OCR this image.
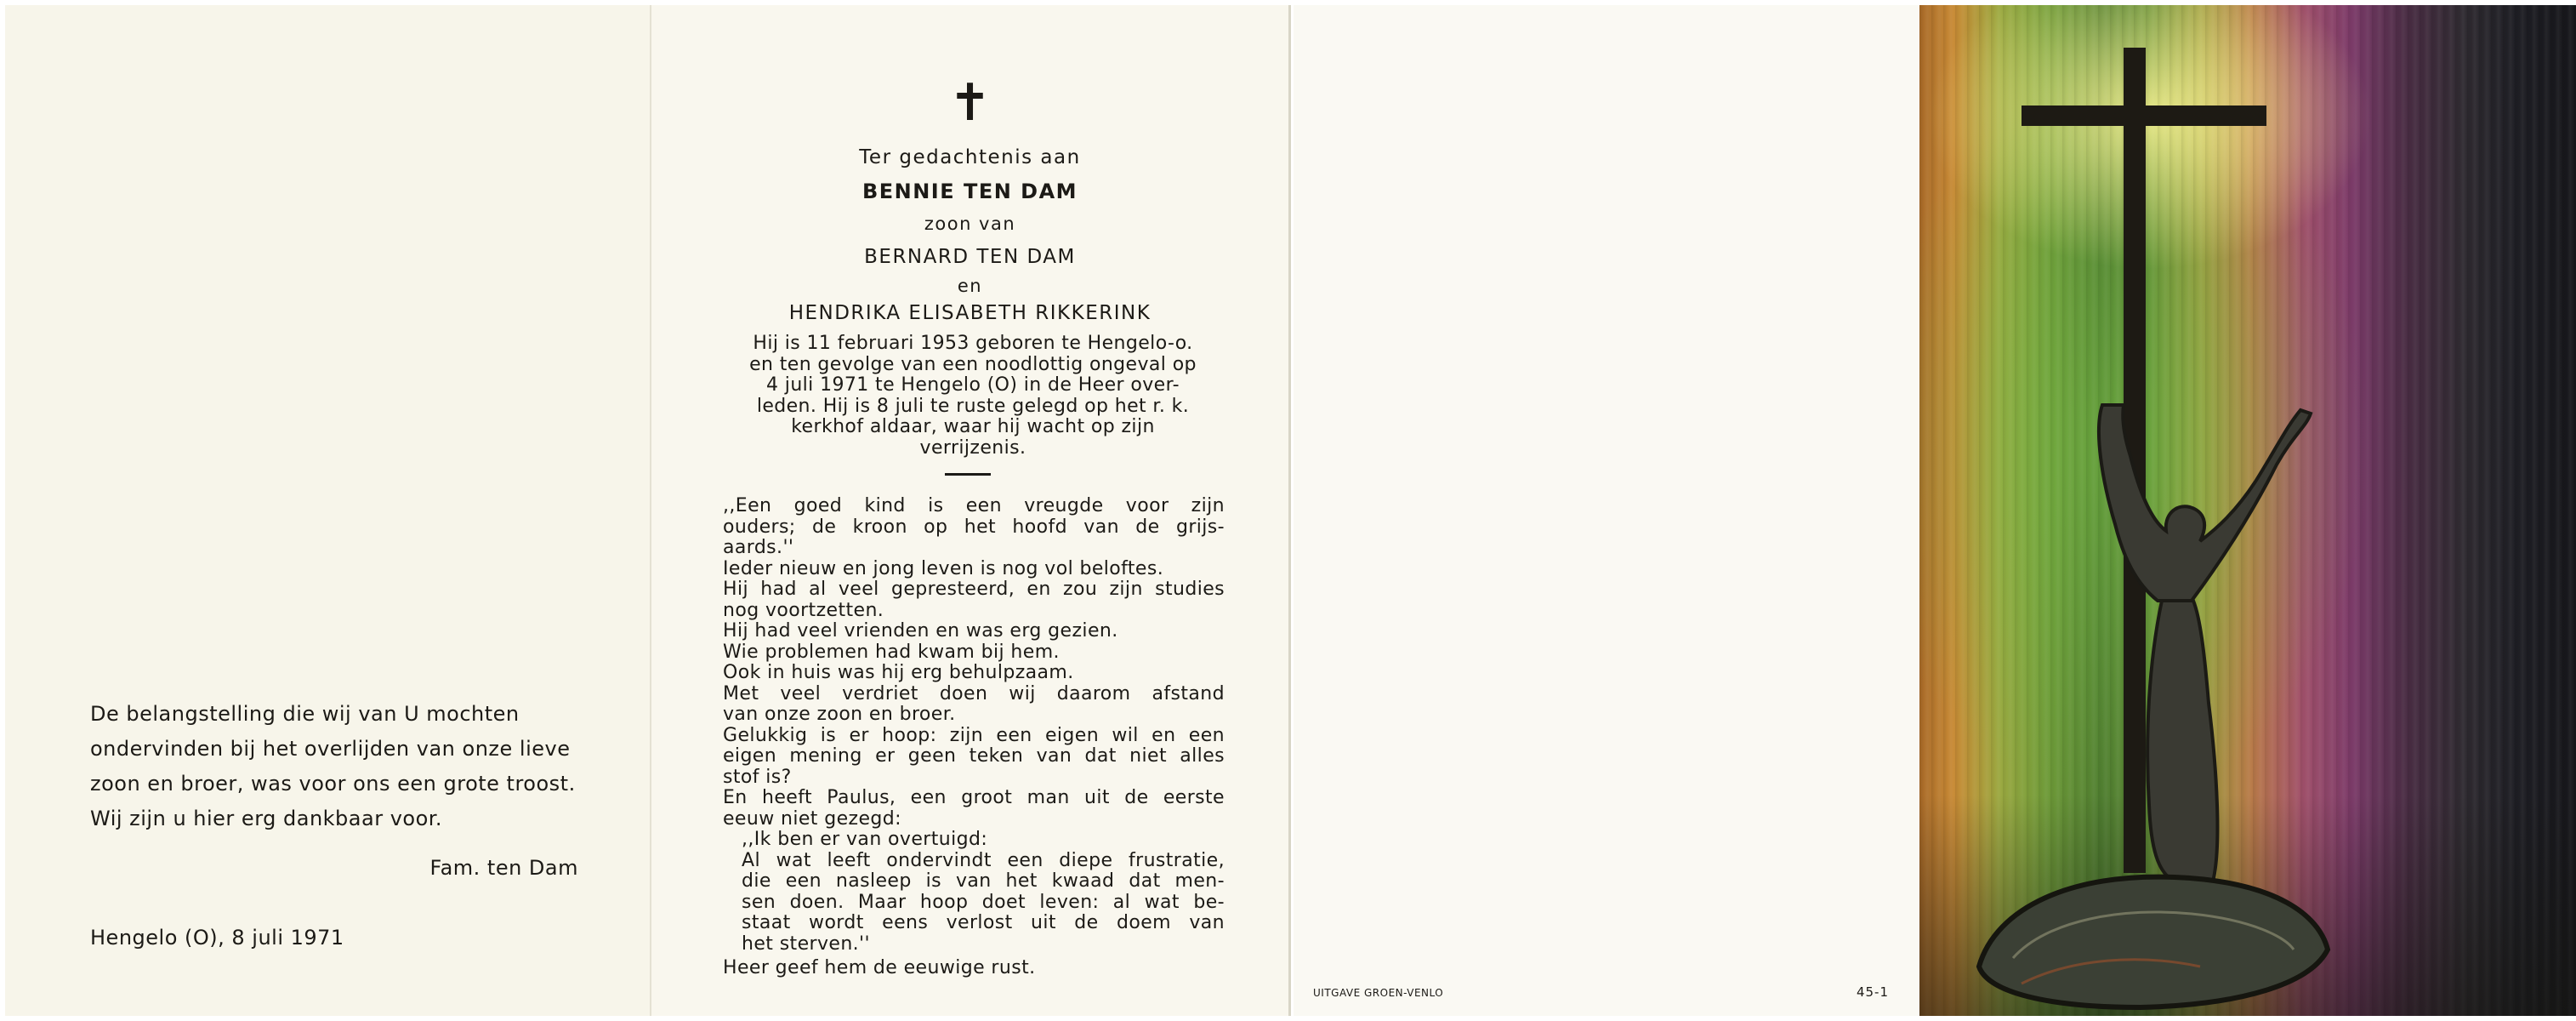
De belangstelling die wij van U mochten
ondervinden bij het overlijden van onze lieve
zoon en broer, was voor ons een grote troost.
Wij zijn u hier erg dankbaar voor.
Fam. ten Dam
Hengelo (O), 8 juli 1971
✝
Ter gedachtenis aan
BENNIE TEN DAM
zoon van
BERNARD TEN DAM
en
HENDRIKA ELISABETH RIKKERINK
Hij is 11 februari 1953 geboren te Hengelo-o.
en ten gevolge van een noodlottig ongeval op
4 juli 1971 te Hengelo (O) in de Heer over-
leden. Hij is 8 juli te ruste gelegd op het r. k.
kerkhof aldaar, waar hij wacht op zijn
verrijzenis.
,,Een goed kind is een vreugde voor zijn
ouders; de kroon op het hoofd van de grijs-
aards.''
Ieder nieuw en jong leven is nog vol beloftes.
Hij had al veel gepresteerd, en zou zijn studies
nog voortzetten.
Hij had veel vrienden en was erg gezien.
Wie problemen had kwam bij hem.
Ook in huis was hij erg behulpzaam.
Met veel verdriet doen wij daarom afstand
van onze zoon en broer.
Gelukkig is er hoop: zijn een eigen wil en een
eigen mening er geen teken van dat niet alles
stof is?
En heeft Paulus, een groot man uit de eerste
eeuw niet gezegd:
,,Ik ben er van overtuigd:
Al wat leeft ondervindt een diepe frustratie,
die een nasleep is van het kwaad dat men-
sen doen. Maar hoop doet leven: al wat be-
staat wordt eens verlost uit de doem van
het sterven.''
Heer geef hem de eeuwige rust.
UITGAVE GROEN-VENLO	45-1
